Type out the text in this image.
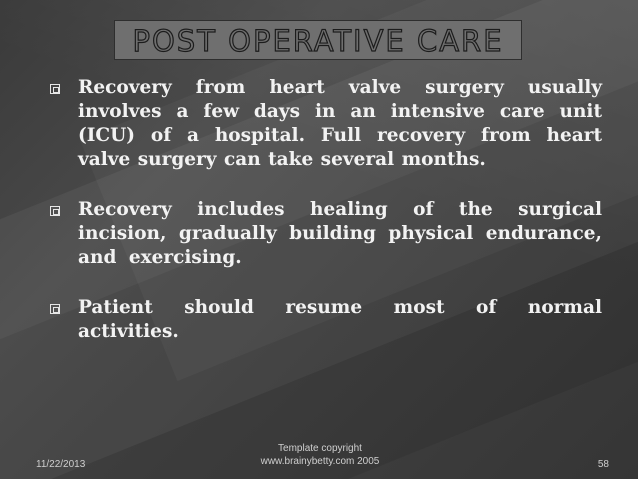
POST OPERATIVE CARE
Recovery from heart valve surgery usually involves a few days in an intensive care unit (ICU) of a hospital. Full recovery from heart valve surgery can take several months.
Recovery includes healing of the surgical incision, gradually building physical endurance, and exercising.
Patient should resume most of normal activities.
11/22/2013
Template copyright
www.brainybetty.com 2005	58
